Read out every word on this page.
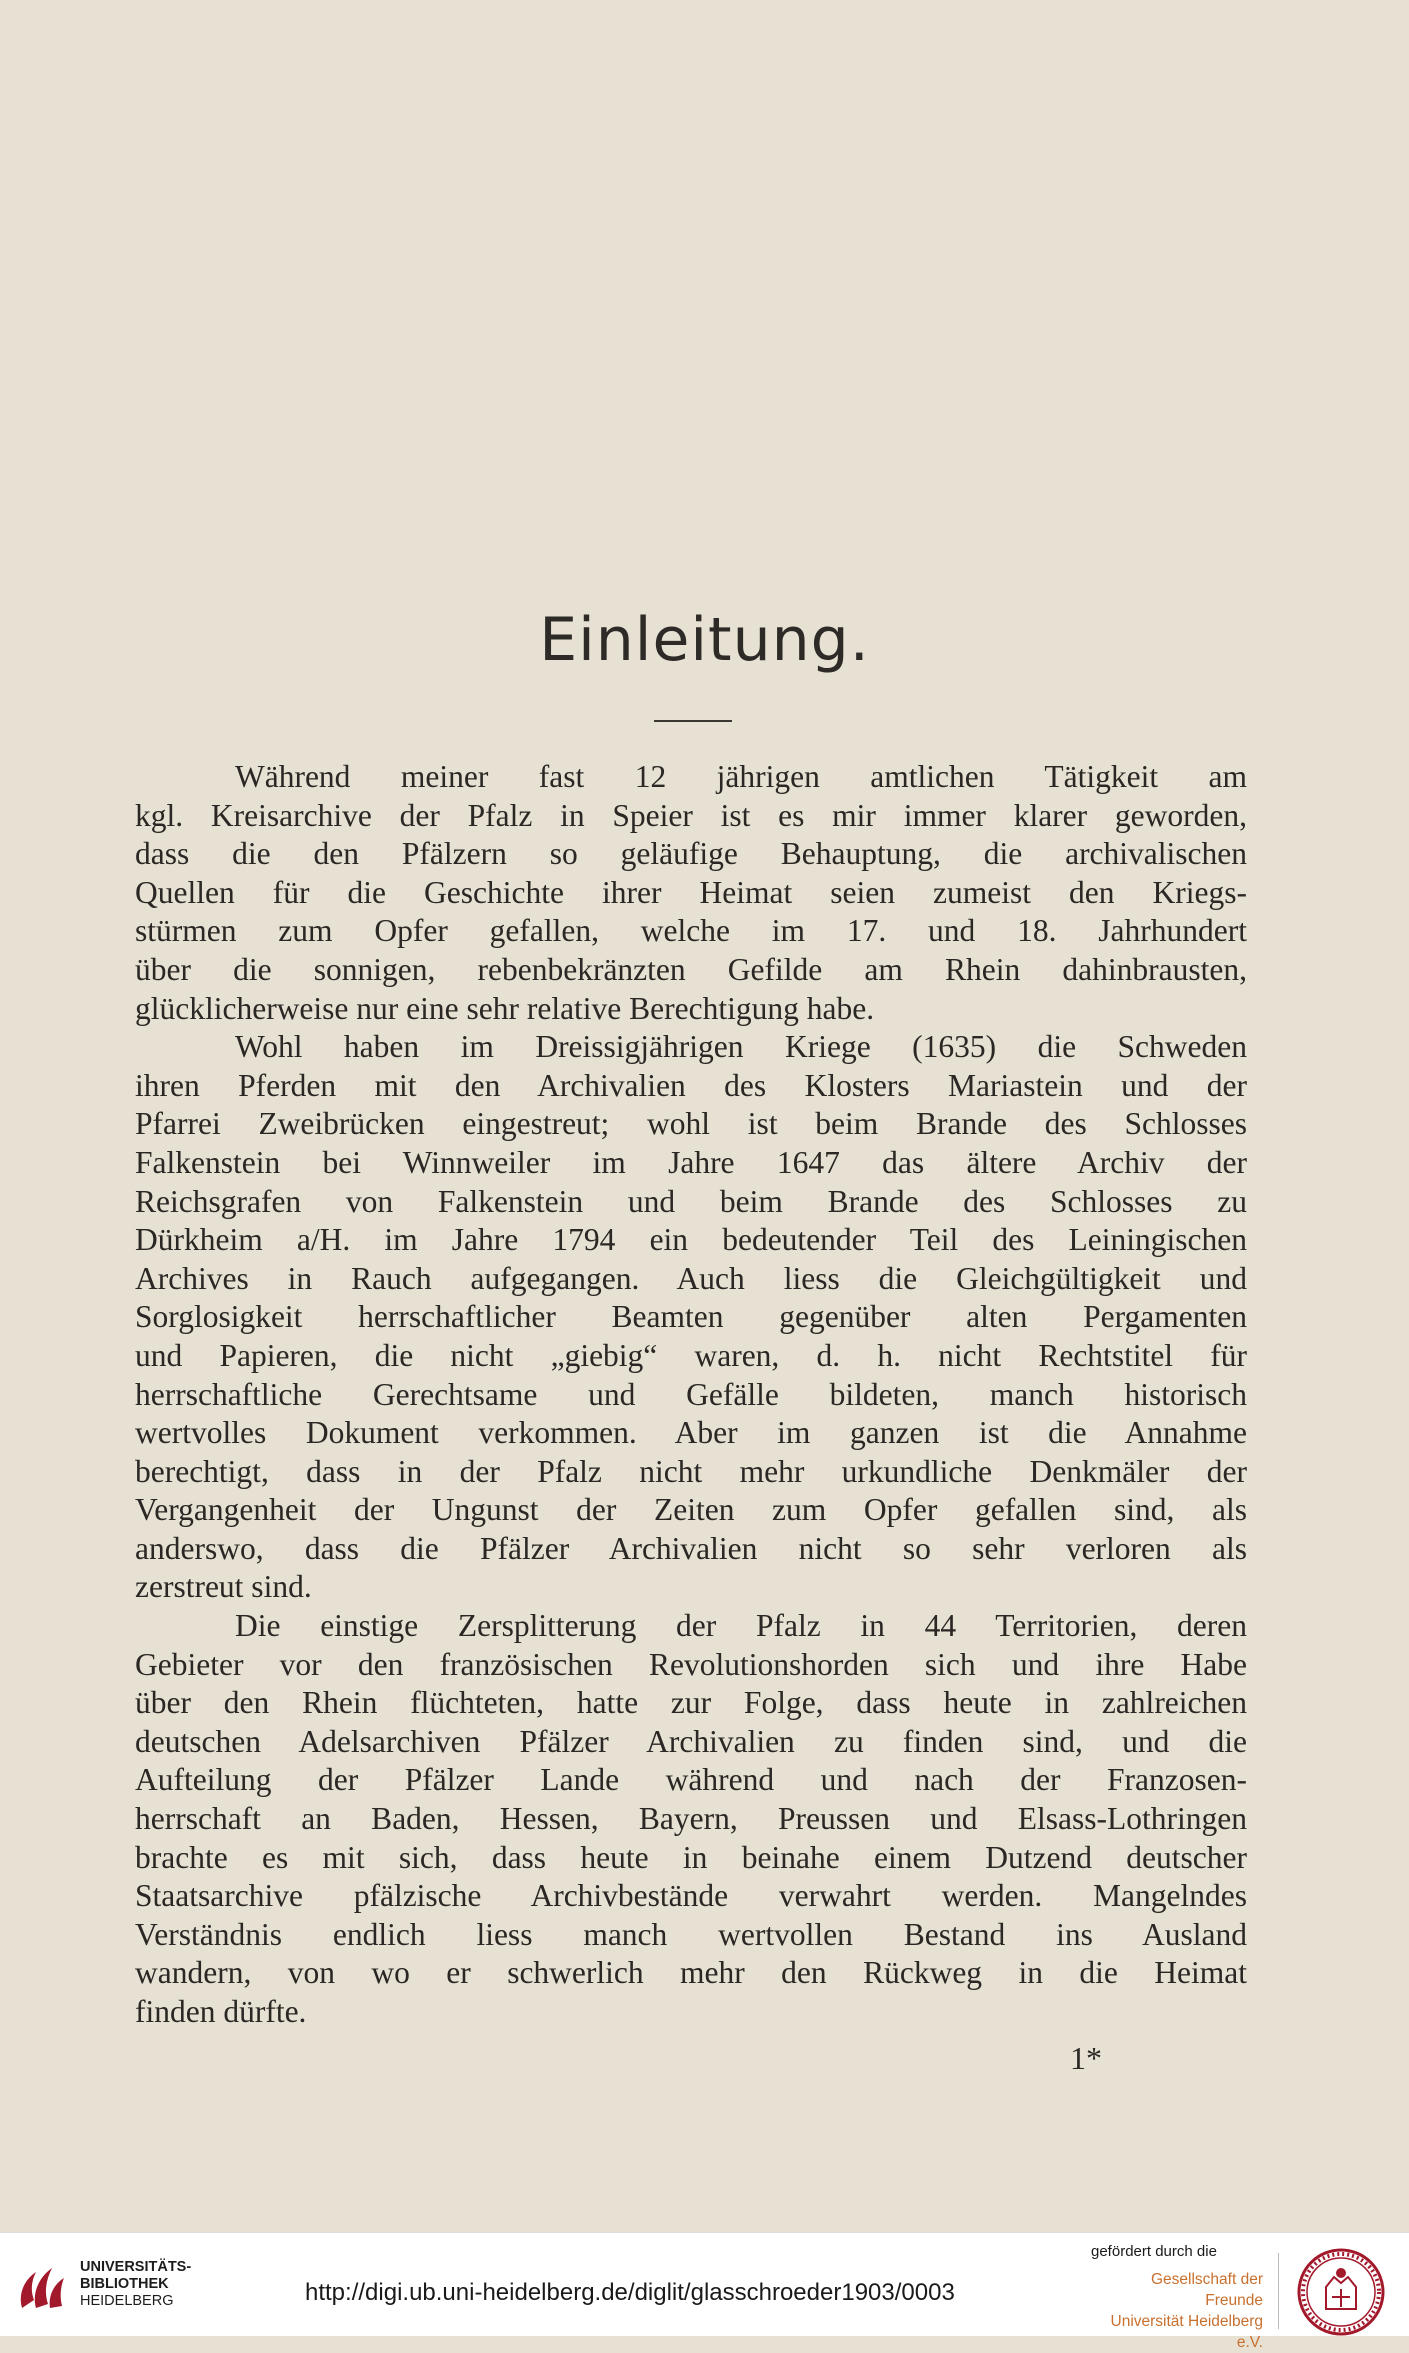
Einleitung.

Während meiner fast 12 jährigen amtlichen Tätigkeit am
kgl. Kreisarchive der Pfalz in Speier ist es mir immer klarer geworden,
dass die den Pfälzern so geläufige Behauptung, die archivalischen
Quellen für die Geschichte ihrer Heimat seien zumeist den Kriegs-
stürmen zum Opfer gefallen, welche im 17. und 18. Jahrhundert
über die sonnigen, rebenbekränzten Gefilde am Rhein dahinbrausten,
glücklicherweise nur eine sehr relative Berechtigung habe.

Wohl haben im Dreissigjährigen Kriege (1635) die Schweden
ihren Pferden mit den Archivalien des Klosters Mariastein und der
Pfarrei Zweibrücken eingestreut; wohl ist beim Brande des Schlosses
Falkenstein bei Winnweiler im Jahre 1647 das ältere Archiv der
Reichsgrafen von Falkenstein und beim Brande des Schlosses zu
Dürkheim a/H. im Jahre 1794 ein bedeutender Teil des Leiningischen
Archives in Rauch aufgegangen. Auch liess die Gleichgültigkeit und
Sorglosigkeit herrschaftlicher Beamten gegenüber alten Pergamenten
und Papieren, die nicht „giebig“ waren, d. h. nicht Rechtstitel für
herrschaftliche Gerechtsame und Gefälle bildeten, manch historisch
wertvolles Dokument verkommen. Aber im ganzen ist die Annahme
berechtigt, dass in der Pfalz nicht mehr urkundliche Denkmäler der
Vergangenheit der Ungunst der Zeiten zum Opfer gefallen sind, als
anderswo, dass die Pfälzer Archivalien nicht so sehr verloren als
zerstreut sind.

Die einstige Zersplitterung der Pfalz in 44 Territorien, deren
Gebieter vor den französischen Revolutionshorden sich und ihre Habe
über den Rhein flüchteten, hatte zur Folge, dass heute in zahlreichen
deutschen Adelsarchiven Pfälzer Archivalien zu finden sind, und die
Aufteilung der Pfälzer Lande während und nach der Franzosen-
herrschaft an Baden, Hessen, Bayern, Preussen und Elsass-Lothringen
brachte es mit sich, dass heute in beinahe einem Dutzend deutscher
Staatsarchive pfälzische Archivbestände verwahrt werden. Mangelndes
Verständnis endlich liess manch wertvollen Bestand ins Ausland
wandern, von wo er schwerlich mehr den Rückweg in die Heimat
finden dürfte.

1*
UNIVERSITÄTS-
BIBLIOTHEK
HEIDELBERG	http://digi.ub.uni-heidelberg.de/diglit/glasschroeder1903/0003
gefördert durch die
Gesellschaft der Freunde
Universität Heidelberg e.V.
